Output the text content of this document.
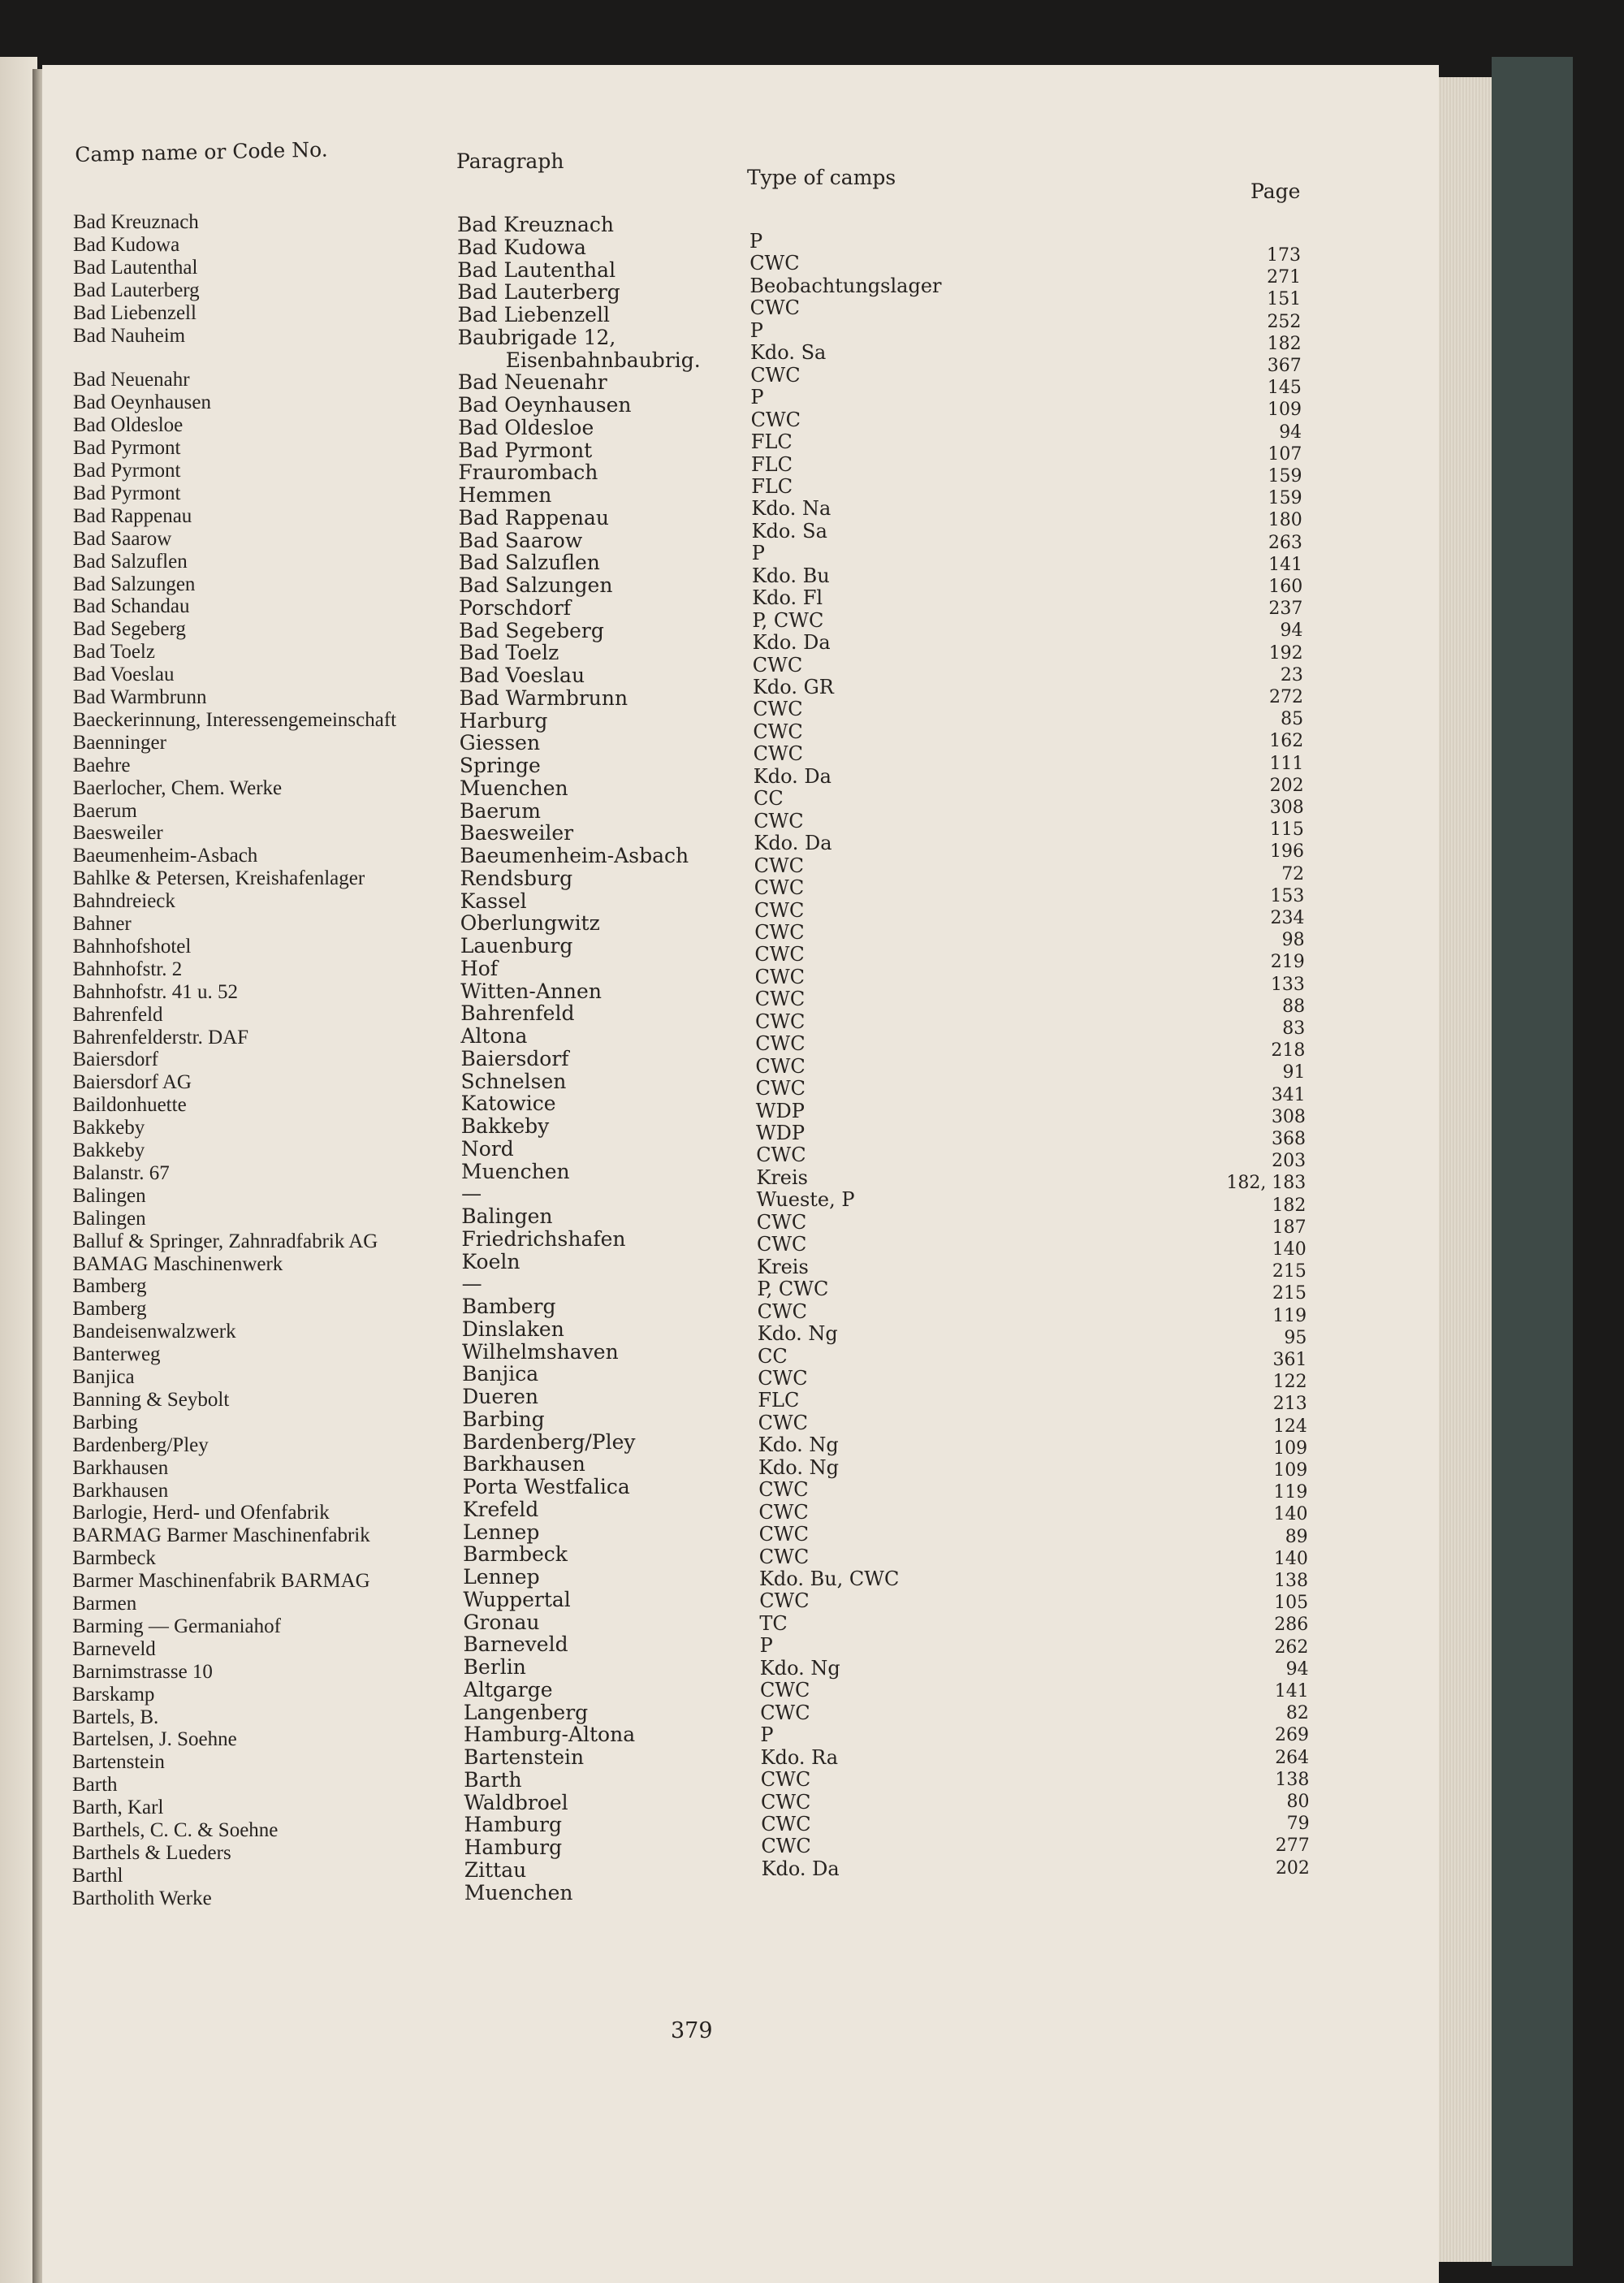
Camp name or Code No.	Paragraph
Type of camps
Page
Bad Kreuznach
Bad Kudowa
Bad Lautenthal
Bad Lauterberg
Bad Liebenzell
Bad Nauheim
Bad Neuenahr
Bad Oeynhausen
Bad Oldesloe
Bad Pyrmont
Bad Pyrmont
Bad Pyrmont
Bad Rappenau
Bad Saarow
Bad Salzuflen
Bad Salzungen
Bad Schandau
Bad Segeberg
Bad Toelz
Bad Voeslau
Bad Warmbrunn
Baeckerinnung, Interessengemeinschaft
Baenninger
Baehre
Baerlocher, Chem. Werke
Baerum
Baesweiler
Baeumenheim-Asbach
Bahlke & Petersen, Kreishafenlager
Bahndreieck
Bahner
Bahnhofshotel
Bahnhofstr. 2
Bahnhofstr. 41 u. 52
Bahrenfeld
Bahrenfelderstr. DAF
Baiersdorf
Baiersdorf AG
Baildonhuette
Bakkeby
Bakkeby
Balanstr. 67
Balingen
Balingen
Balluf & Springer, Zahnradfabrik AG
BAMAG Maschinenwerk
Bamberg
Bamberg
Bandeisenwalzwerk
Banterweg
Banjica
Banning & Seybolt
Barbing
Bardenberg/Pley
Barkhausen
Barkhausen
Barlogie, Herd- und Ofenfabrik
BARMAG Barmer Maschinenfabrik
Barmbeck
Barmer Maschinenfabrik BARMAG
Barmen
Barming — Germaniahof
Barneveld
Barnimstrasse 10
Barskamp
Bartels, B.
Bartelsen, J. Soehne
Bartenstein
Barth
Barth, Karl
Barthels, C. C. & Soehne
Barthels & Lueders
Barthl
Bartholith Werke
Bad Kreuznach
Bad Kudowa
Bad Lautenthal
Bad Lauterberg
Bad Liebenzell
Baubrigade 12,
Eisenbahnbaubrig.
Bad Neuenahr
Bad Oeynhausen
Bad Oldesloe
Bad Pyrmont
Fraurombach
Hemmen
Bad Rappenau
Bad Saarow
Bad Salzuflen
Bad Salzungen
Porschdorf
Bad Segeberg
Bad Toelz
Bad Voeslau
Bad Warmbrunn
Harburg
Giessen
Springe
Muenchen
Baerum
Baesweiler
Baeumenheim-Asbach
Rendsburg
Kassel
Oberlungwitz
Lauenburg
Hof
Witten-Annen
Bahrenfeld
Altona
Baiersdorf
Schnelsen
Katowice
Bakkeby
Nord
Muenchen
—
Balingen
Friedrichshafen
Koeln
—
Bamberg
Dinslaken
Wilhelmshaven
Banjica
Dueren
Barbing
Bardenberg/Pley
Barkhausen
Porta Westfalica
Krefeld
Lennep
Barmbeck
Lennep
Wuppertal
Gronau
Barneveld
Berlin
Altgarge
Langenberg
Hamburg-Altona
Bartenstein
Barth
Waldbroel
Hamburg
Hamburg
Zittau
Muenchen
P
CWC
Beobachtungslager
CWC
P
Kdo. Sa
CWC
P
CWC
FLC
FLC
FLC
Kdo. Na
Kdo. Sa
P
Kdo. Bu
Kdo. Fl
P, CWC
Kdo. Da
CWC
Kdo. GR
CWC
CWC
CWC
Kdo. Da
CC
CWC
Kdo. Da
CWC
CWC
CWC
CWC
CWC
CWC
CWC
CWC
CWC
CWC
CWC
WDP
WDP
CWC
Kreis
Wueste, P
CWC
CWC
Kreis
P, CWC
CWC
Kdo. Ng
CC
CWC
FLC
CWC
Kdo. Ng
Kdo. Ng
CWC
CWC
CWC
CWC
Kdo. Bu, CWC
CWC
TC
P
Kdo. Ng
CWC
CWC
P
Kdo. Ra
CWC
CWC
CWC
CWC
Kdo. Da
173
271
151
252
182
367
145
109
94
107
159
159
180
263
141
160
237
94
192
23
272
85
162
111
202
308
115
196
72
153
234
98
219
133
88
83
218
91
341
308
368
203
182, 183
182
187
140
215
215
119
95
361
122
213
124
109
109
119
140
89
140
138
105
286
262
94
141
82
269
264
138
80
79
277
202
379
